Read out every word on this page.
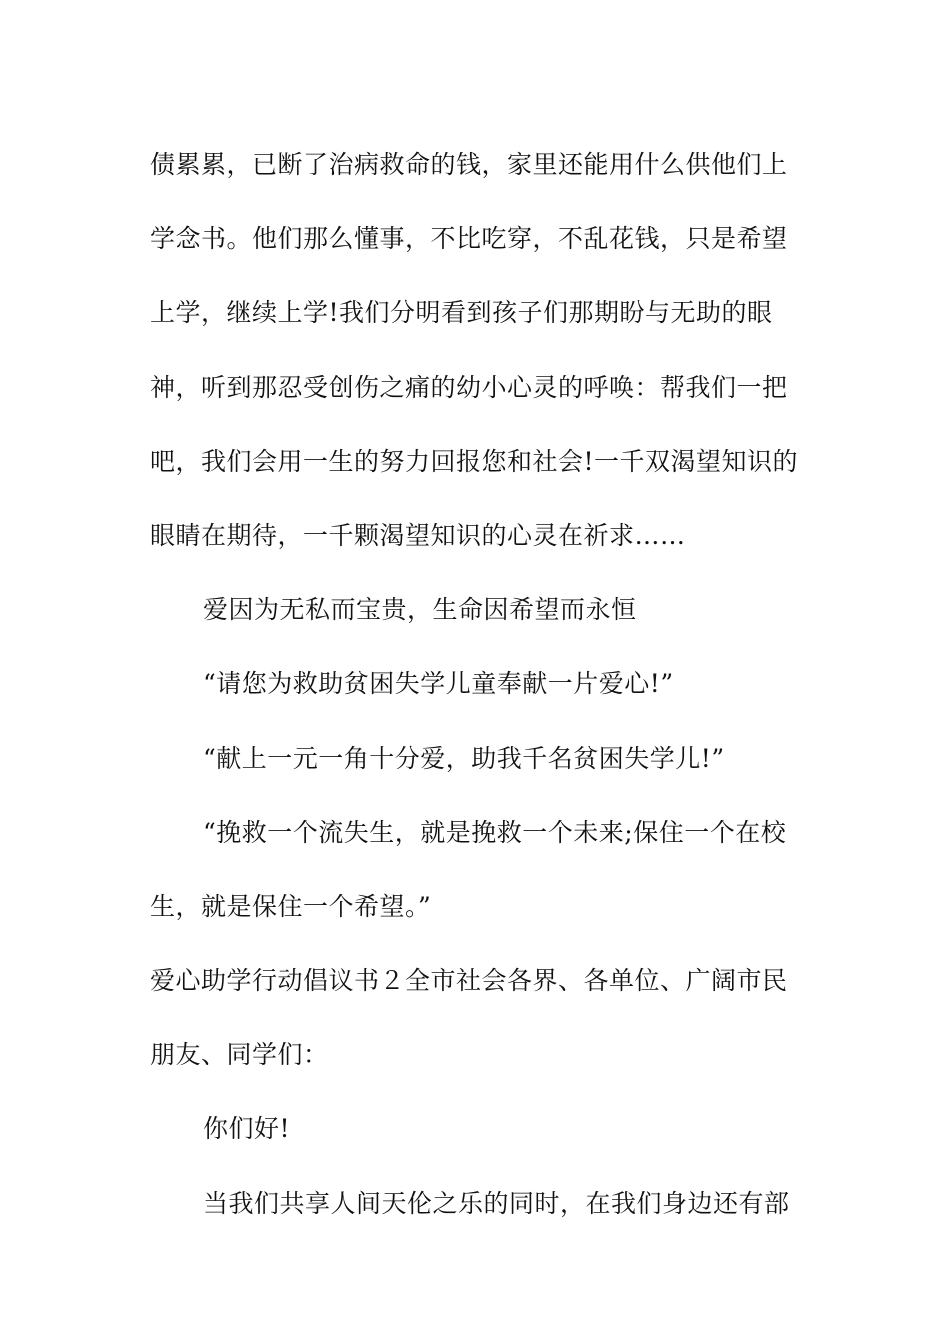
债累累，已断了治病救命的钱，家里还能用什么供他们上
学念书。他们那么懂事，不比吃穿，不乱花钱，只是希望
上学，继续上学!我们分明看到孩子们那期盼与无助的眼
神，听到那忍受创伤之痛的幼小心灵的呼唤：帮我们一把
吧，我们会用一生的努力回报您和社会!一千双渴望知识的
眼睛在期待，一千颗渴望知识的心灵在祈求……
爱因为无私而宝贵，生命因希望而永恒
“请您为救助贫困失学儿童奉献一片爱心!”
“献上一元一角十分爱，助我千名贫困失学儿!”
“挽救一个流失生，就是挽救一个未来;保住一个在校
生，就是保住一个希望。”
爱心助学行动倡议书２全市社会各界、各单位、广阔市民
朋友、同学们：
你们好!
当我们共享人间天伦之乐的同时，在我们身边还有部
